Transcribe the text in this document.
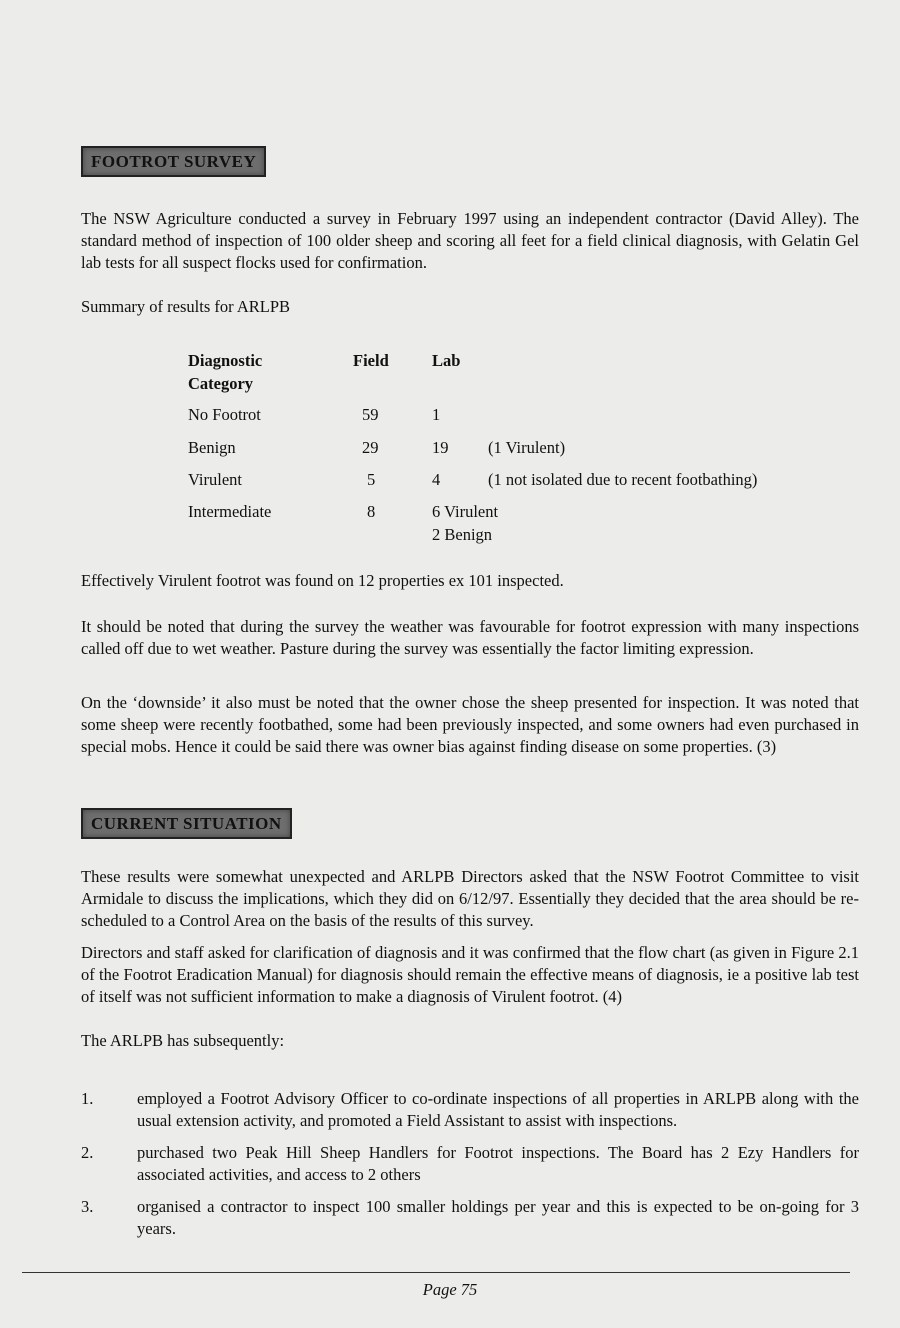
FOOTROT SURVEY

The NSW Agriculture conducted a survey in February 1997 using an independent contractor (David Alley). The standard method of inspection of 100 older sheep and scoring all feet for a field clinical diagnosis, with Gelatin Gel lab tests for all suspect flocks used for confirmation.

Summary of results for ARLPB
Diagnostic
Category
Field	Lab
No Footrot	59	1
Benign	29	19 (1 Virulent)
Virulent	5	4	(1 not isolated due to recent footbathing)
Intermediate	8	6 Virulent
2 Benign
Effectively Virulent footrot was found on 12 properties ex 101 inspected.

It should be noted that during the survey the weather was favourable for footrot expression with many inspections called off due to wet weather. Pasture during the survey was essentially the factor limiting expression.

On the ‘downside’ it also must be noted that the owner chose the sheep presented for inspection. It was noted that some sheep were recently footbathed, some had been previously inspected, and some owners had even purchased in special mobs. Hence it could be said there was owner bias against finding disease on some properties. (3)

CURRENT SITUATION

These results were somewhat unexpected and ARLPB Directors asked that the NSW Footrot Committee to visit Armidale to discuss the implications, which they did on 6/12/97. Essentially they decided that the area should be re-scheduled to a Control Area on the basis of the results of this survey.

Directors and staff asked for clarification of diagnosis and it was confirmed that the flow chart (as given in Figure 2.1 of the Footrot Eradication Manual) for diagnosis should remain the effective means of diagnosis, ie a positive lab test of itself was not sufficient information to make a diagnosis of Virulent footrot. (4)

The ARLPB has subsequently:
1.	employed a Footrot Advisory Officer to co-ordinate inspections of all properties in ARLPB along with the usual extension activity, and promoted a Field Assistant to assist with inspections.

2.	purchased two Peak Hill Sheep Handlers for Footrot inspections. The Board has 2 Ezy Handlers for associated activities, and access to 2 others

3.	organised a contractor to inspect 100 smaller holdings per year and this is expected to be on-going for 3 years.

Page 75
